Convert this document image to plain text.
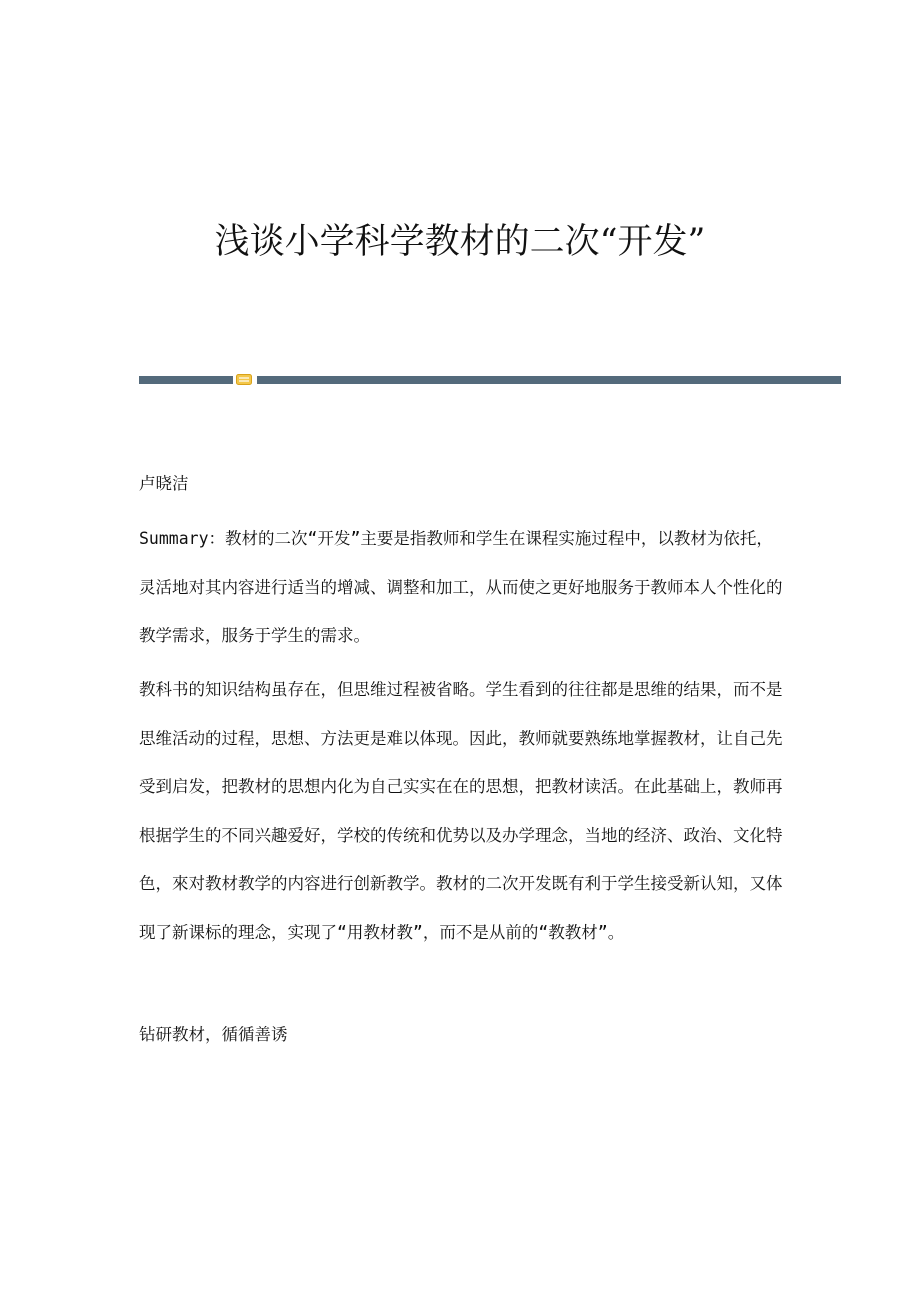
浅谈小学科学教材的二次“开发”

卢晓洁

Summary：教材的二次“开发”主要是指教师和学生在课程实施过程中，以教材为依托，灵活地对其内容进行适当的增减、调整和加工，从而使之更好地服务于教师本人个性化的教学需求，服务于学生的需求。

教科书的知识结构虽存在，但思维过程被省略。学生看到的往往都是思维的结果，而不是思维活动的过程，思想、方法更是难以体现。因此，教师就要熟练地掌握教材，让自己先受到启发，把教材的思想内化为自己实实在在的思想，把教材读活。在此基础上，教师再根据学生的不同兴趣爱好，学校的传统和优势以及办学理念，当地的经济、政治、文化特色，來对教材教学的内容进行创新教学。教材的二次开发既有利于学生接受新认知，又体现了新课标的理念，实现了“用教材教”，而不是从前的“教教材”。

钻研教材，循循善诱
